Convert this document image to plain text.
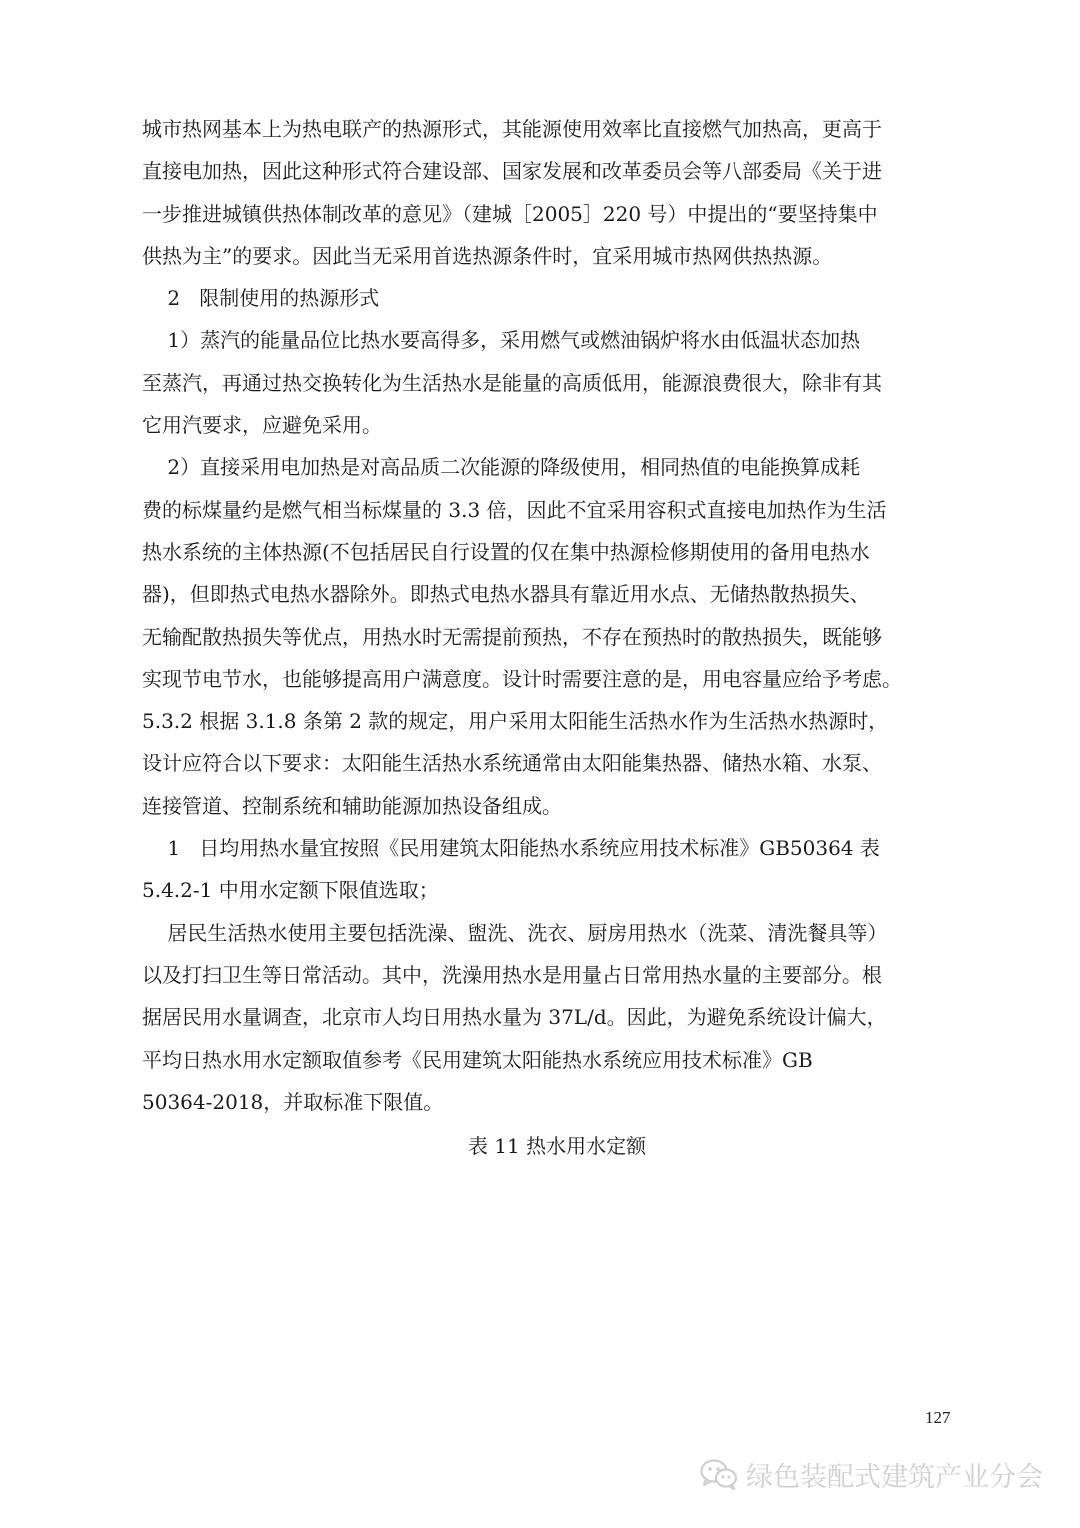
城市热网基本上为热电联产的热源形式，其能源使用效率比直接燃气加热高，更高于
直接电加热，因此这种形式符合建设部、国家发展和改革委员会等八部委局《关于进
一步推进城镇供热体制改革的意见》（建城［2005］220 号）中提出的“要坚持集中
供热为主”的要求。因此当无采用首选热源条件时，宜采用城市热网供热热源。
2   限制使用的热源形式
1）蒸汽的能量品位比热水要高得多，采用燃气或燃油锅炉将水由低温状态加热
至蒸汽，再通过热交换转化为生活热水是能量的高质低用，能源浪费很大，除非有其
它用汽要求，应避免采用。
2）直接采用电加热是对高品质二次能源的降级使用，相同热值的电能换算成耗
费的标煤量约是燃气相当标煤量的 3.3 倍，因此不宜采用容积式直接电加热作为生活
热水系统的主体热源(不包括居民自行设置的仅在集中热源检修期使用的备用电热水
器)，但即热式电热水器除外。即热式电热水器具有靠近用水点、无储热散热损失、
无输配散热损失等优点，用热水时无需提前预热，不存在预热时的散热损失，既能够
实现节电节水，也能够提高用户满意度。设计时需要注意的是，用电容量应给予考虑。
5.3.2 根据 3.1.8 条第 2 款的规定，用户采用太阳能生活热水作为生活热水热源时，
设计应符合以下要求：太阳能生活热水系统通常由太阳能集热器、储热水箱、水泵、
连接管道、控制系统和辅助能源加热设备组成。
1   日均用热水量宜按照《民用建筑太阳能热水系统应用技术标准》GB50364 表
5.4.2-1 中用水定额下限值选取；
居民生活热水使用主要包括洗澡、盥洗、洗衣、厨房用热水（洗菜、清洗餐具等）
以及打扫卫生等日常活动。其中，洗澡用热水是用量占日常用热水量的主要部分。根
据居民用水量调查，北京市人均日用热水量为 37L/d。因此，为避免系统设计偏大，
平均日热水用水定额取值参考《民用建筑太阳能热水系统应用技术标准》GB
50364-2018，并取标准下限值。
表 11 热水用水定额
127
绿色装配式建筑产业分会
